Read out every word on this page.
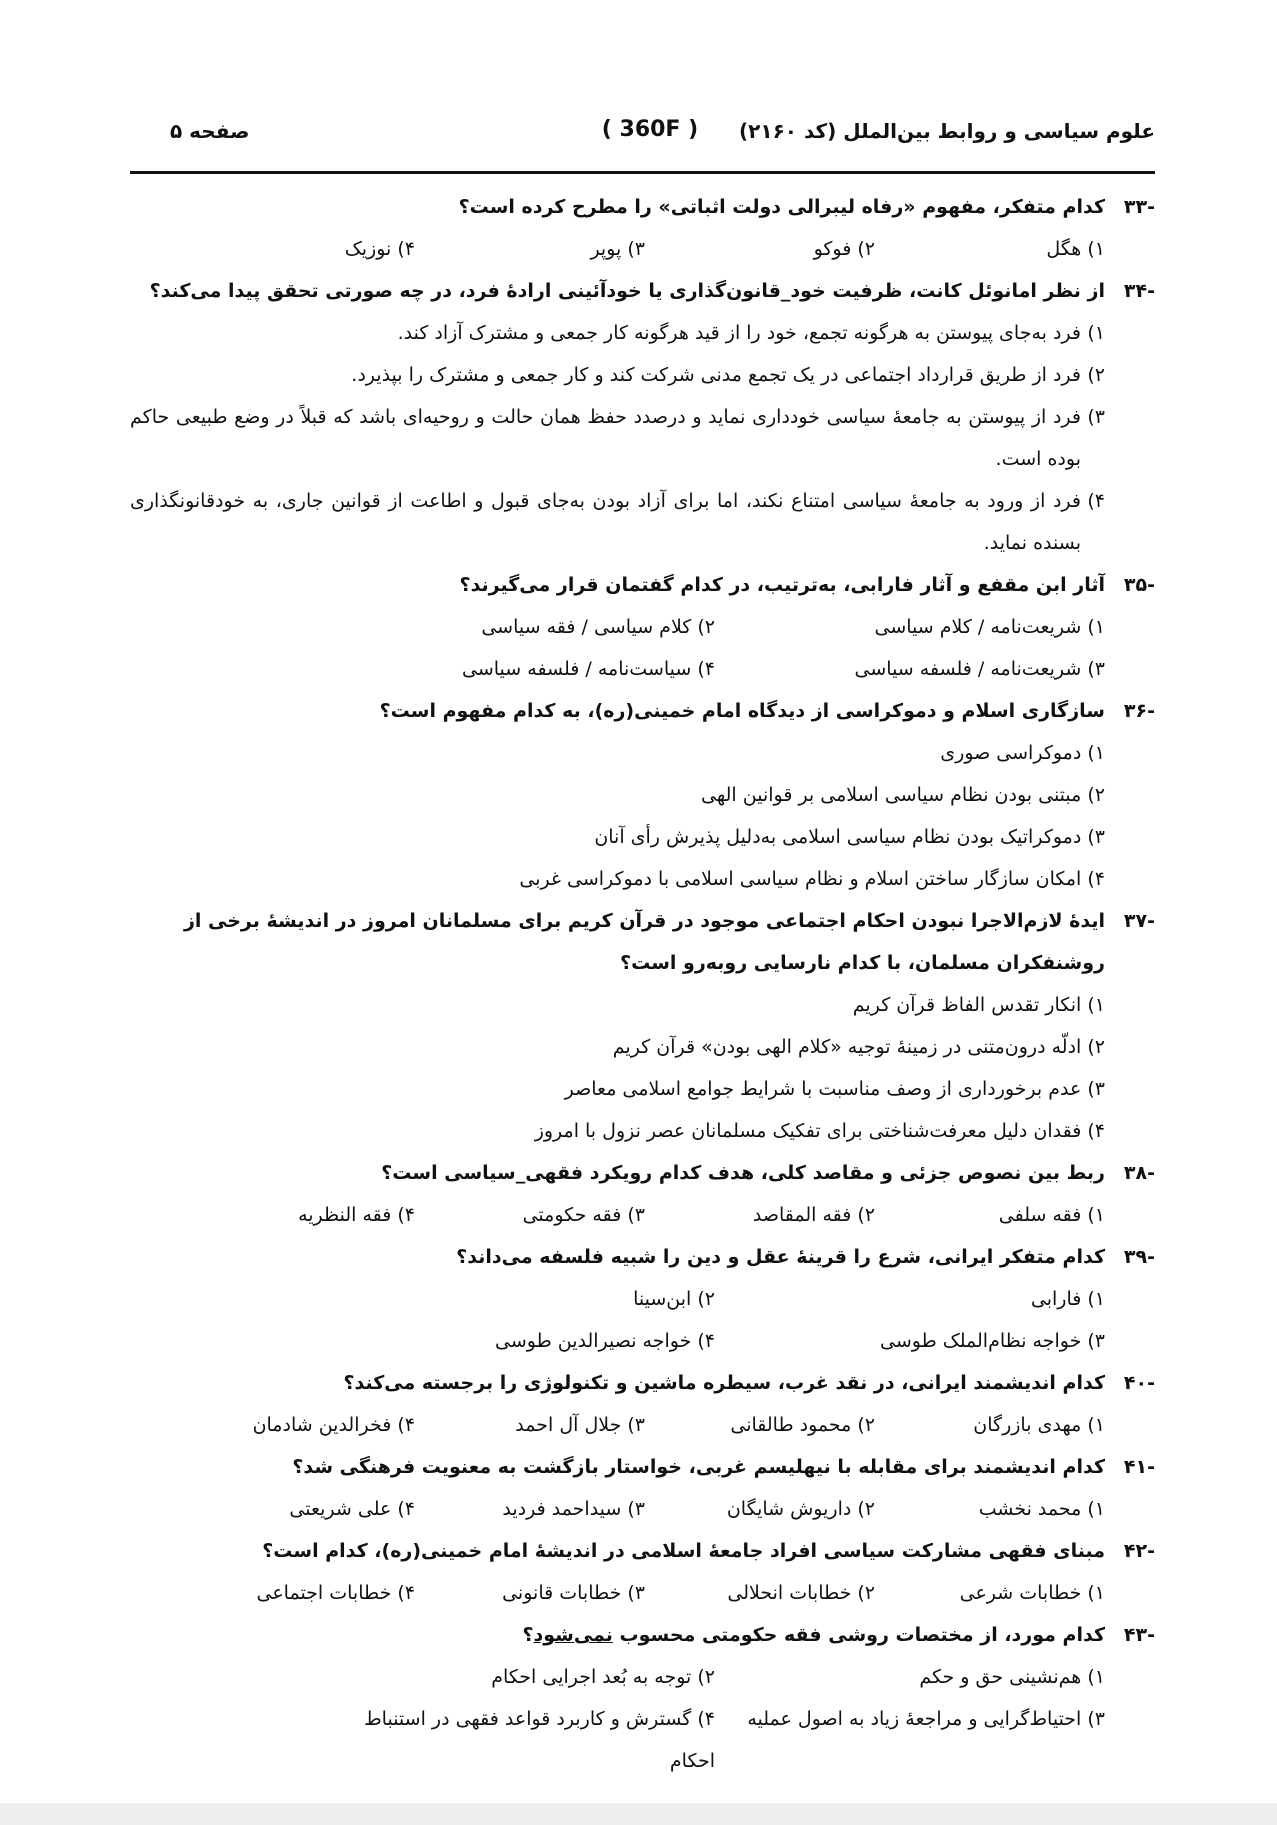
علوم سیاسی و روابط بین‌الملل (کد ۲۱۶۰)
( 360F )
صفحه ۵
-۳۳
کدام متفکر، مفهوم «رفاه لیبرالی دولت اثباتی» را مطرح کرده است؟
۱) هگل
۲) فوکو
۳) پوپر
۴) نوزیک
-۳۴
از نظر امانوئل کانت، ظرفیت خود_قانون‌گذاری یا خودآئینی ارادهٔ فرد، در چه صورتی تحقق پیدا می‌کند؟
۱)
فرد به‌جای پیوستن به هرگونه تجمع، خود را از قید هرگونه کار جمعی و مشترک آزاد کند.
۲)
فرد از طریق قرارداد اجتماعی در یک تجمع مدنی شرکت کند و کار جمعی و مشترک را بپذیرد.
۳)
فرد از پیوستن به جامعهٔ سیاسی خودداری نماید و درصدد حفظ همان حالت و روحیه‌ای باشد که قبلاً در وضع طبیعی حاکم بوده است.
۴)
فرد از ورود به جامعهٔ سیاسی امتناع نکند، اما برای آزاد بودن به‌جای قبول و اطاعت از قوانین جاری، به خودقانونگذاری بسنده نماید.
-۳۵
آثار ابن مقفع و آثار فارابی، به‌ترتیب، در کدام گفتمان قرار می‌گیرند؟
۱) شریعت‌نامه / کلام سیاسی
۲) کلام سیاسی / فقه سیاسی
۳) شریعت‌نامه / فلسفه سیاسی
۴) سیاست‌نامه / فلسفه سیاسی
-۳۶
سازگاری اسلام و دموکراسی از دیدگاه امام خمینی(ره)، به کدام مفهوم است؟
۱) دموکراسی صوری
۲) مبتنی بودن نظام سیاسی اسلامی بر قوانین الهی
۳) دموکراتیک بودن نظام سیاسی اسلامی به‌دلیل پذیرش رأی آنان
۴) امکان سازگار ساختن اسلام و نظام سیاسی اسلامی با دموکراسی غربی
-۳۷
ایدهٔ لازم‌الاجرا نبودن احکام اجتماعی موجود در قرآن کریم برای مسلمانان امروز در اندیشهٔ برخی از روشنفکران مسلمان، با کدام نارسایی روبه‌رو است؟
۱) انکار تقدس الفاظ قرآن کریم
۲) ادلّه درون‌متنی در زمینهٔ توجیه «کلام الهی بودن» قرآن کریم
۳) عدم برخورداری از وصف مناسبت با شرایط جوامع اسلامی معاصر
۴) فقدان دلیل معرفت‌شناختی برای تفکیک مسلمانان عصر نزول با امروز
-۳۸
ربط بین نصوص جزئی و مقاصد کلی، هدف کدام رویکرد فقهی_سیاسی است؟
۱) فقه سلفی
۲) فقه المقاصد
۳) فقه حکومتی
۴) فقه النظریه
-۳۹
کدام متفکر ایرانی، شرع را قرینهٔ عقل و دین را شبیه فلسفه می‌داند؟
۱) فارابی
۲) ابن‌سینا
۳) خواجه نظام‌الملک طوسی
۴) خواجه نصیرالدین طوسی
-۴۰
کدام اندیشمند ایرانی، در نقد غرب، سیطره ماشین و تکنولوژی را برجسته می‌کند؟
۱) مهدی بازرگان
۲) محمود طالقانی
۳) جلال آل احمد
۴) فخرالدین شادمان
-۴۱
کدام اندیشمند برای مقابله با نیهلیسم غربی، خواستار بازگشت به معنویت فرهنگی شد؟
۱) محمد نخشب
۲) داریوش شایگان
۳) سیداحمد فردید
۴) علی شریعتی
-۴۲
مبنای فقهی مشارکت سیاسی افراد جامعهٔ اسلامی در اندیشهٔ امام خمینی(ره)، کدام است؟
۱) خطابات شرعی
۲) خطابات انحلالی
۳) خطابات قانونی
۴) خطابات اجتماعی
-۴۳
کدام مورد، از مختصات روشی فقه حکومتی محسوب نمی‌شود؟
۱) هم‌نشینی حق و حکم
۲) توجه به بُعد اجرایی احکام
۳) احتیاط‌گرایی و مراجعهٔ زیاد به اصول عملیه
۴) گسترش و کاربرد قواعد فقهی در استنباط احکام
